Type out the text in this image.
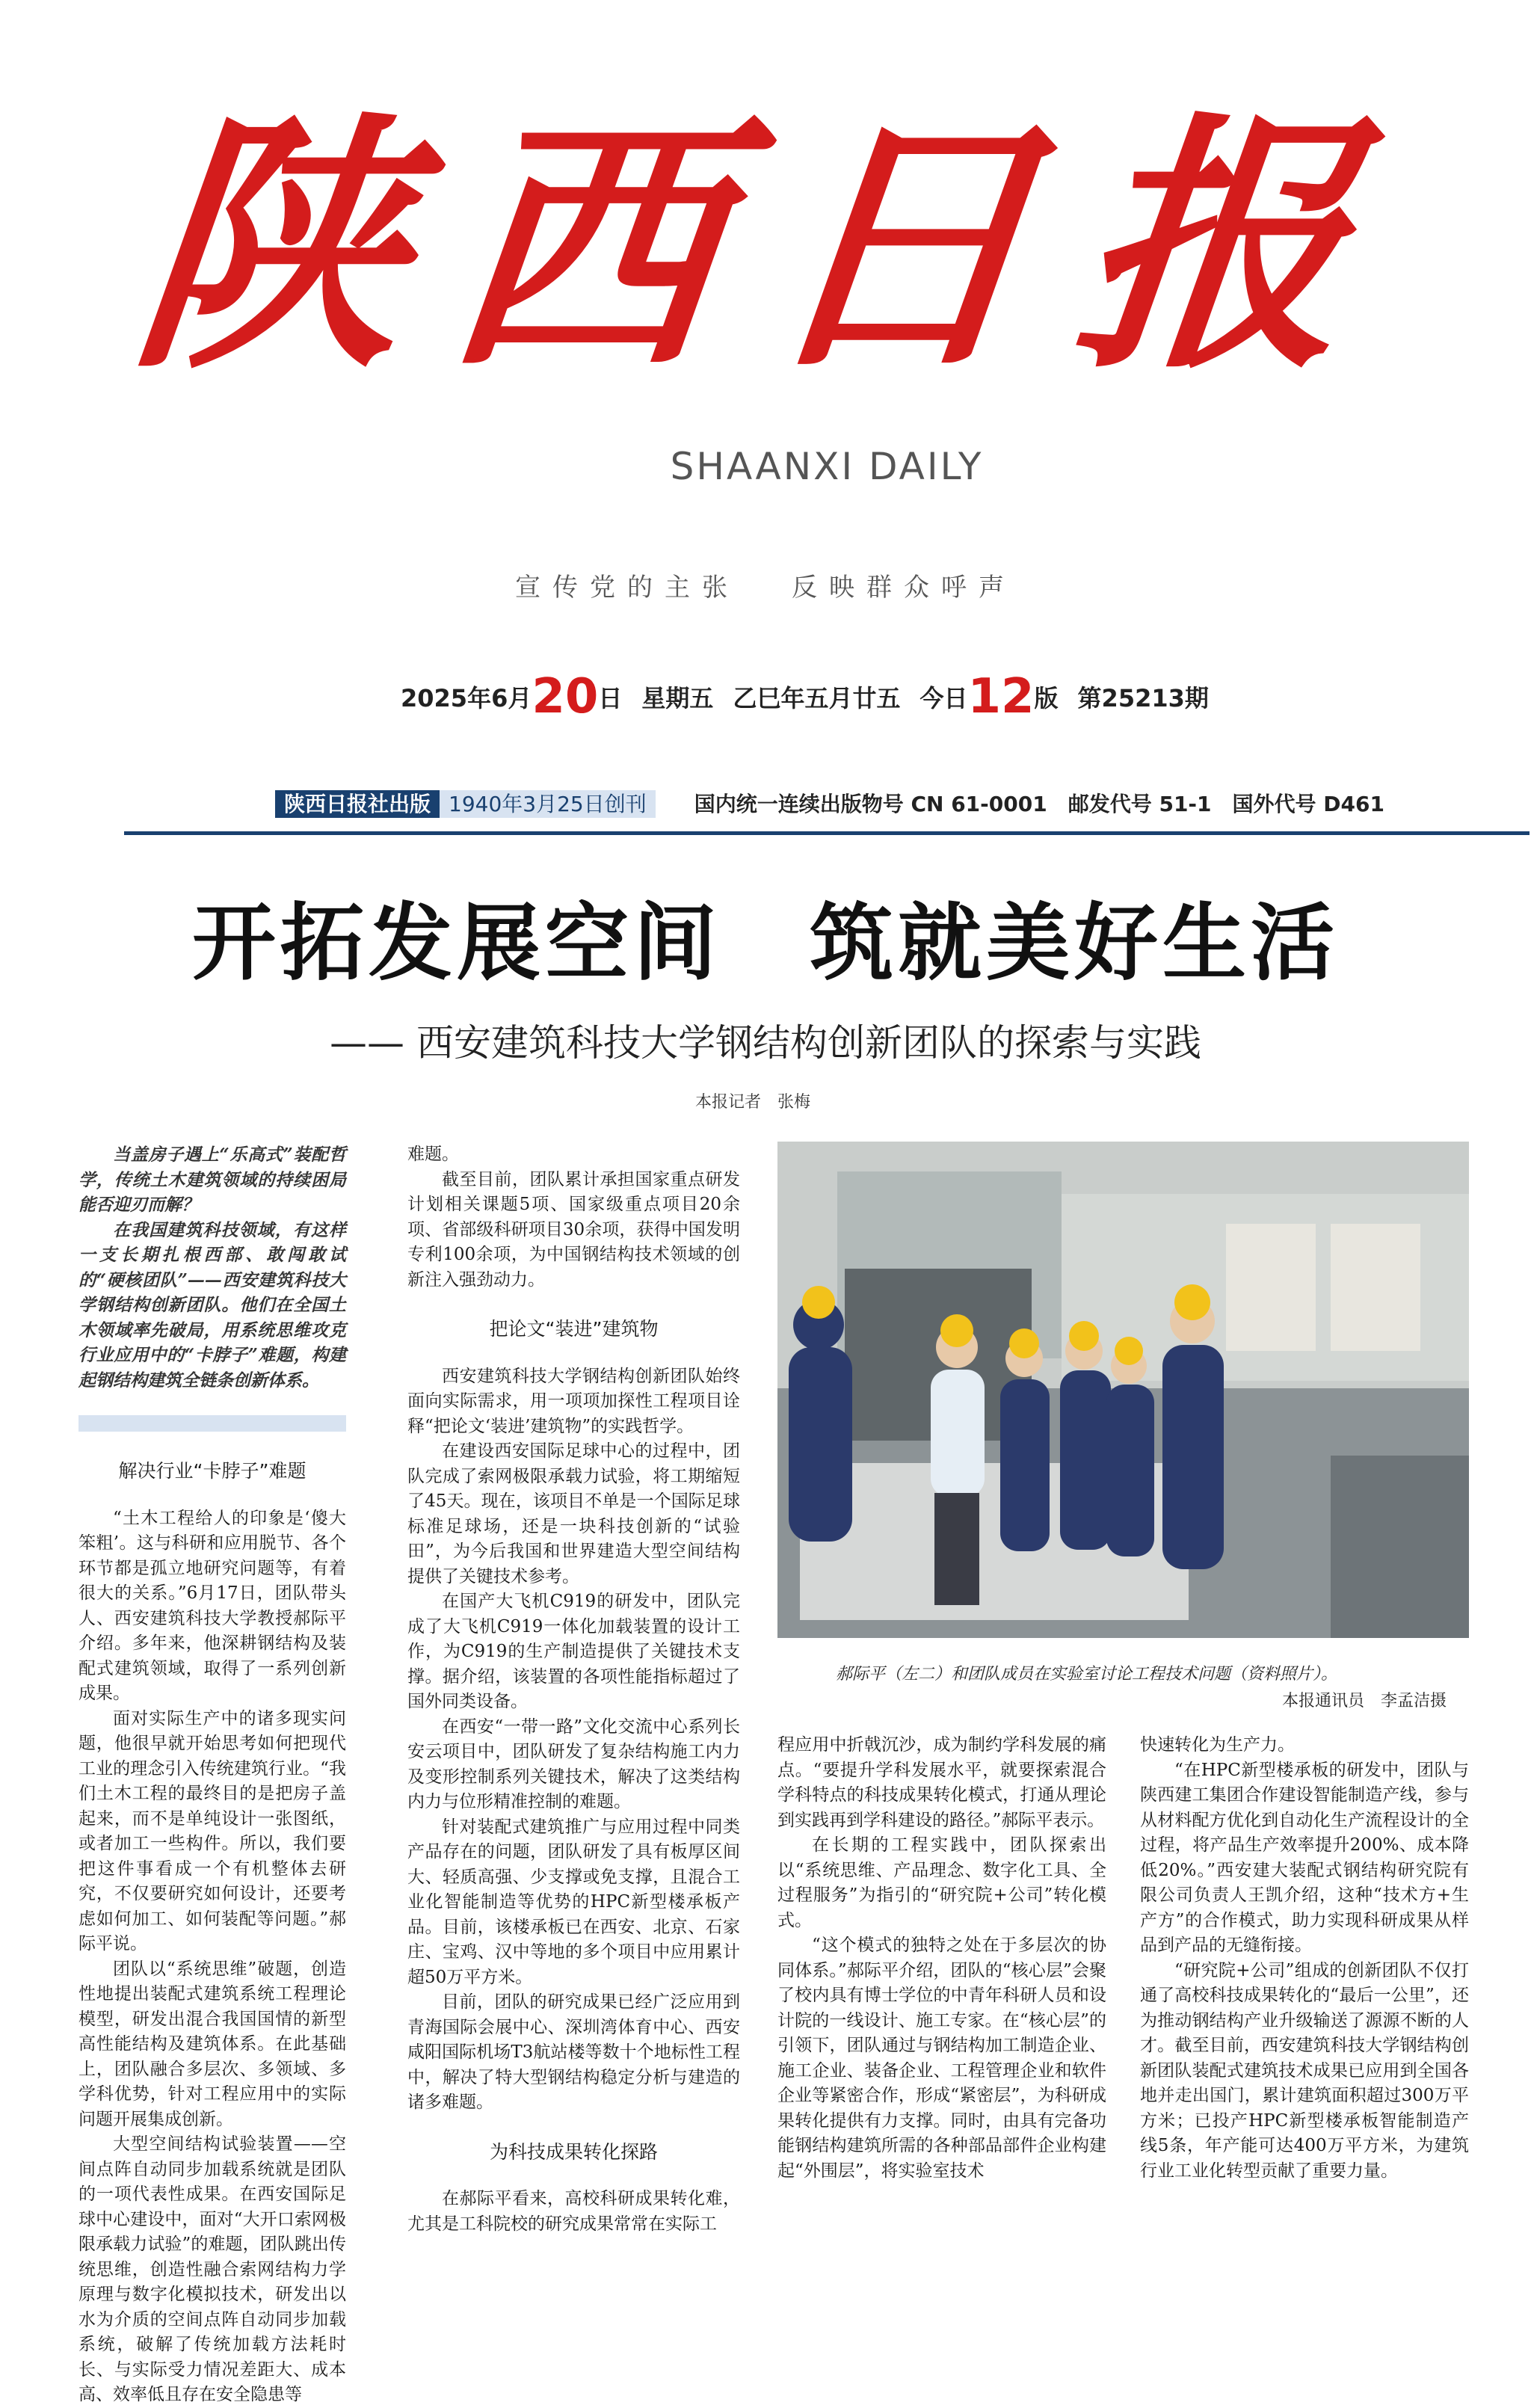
陕西日报
SHAANXI DAILY
宣传党的主张 反映群众呼声
2025年6月20日 星期五 乙巳年五月廿五 今日12版 第25213期
陕西日报社出版 1940年3月25日创刊 国内统一连续出版物号 CN 61-0001　邮发代号 51-1　国外代号 D461
开拓发展空间　筑就美好生活
—— 西安建筑科技大学钢结构创新团队的探索与实践
本报记者　张梅

当盖房子遇上“乐高式”装配哲学，传统土木建筑领域的持续困局能否迎刃而解？

在我国建筑科技领域，有这样一支长期扎根西部、敢闯敢试的“硬核团队”——西安建筑科技大学钢结构创新团队。他们在全国土木领域率先破局，用系统思维攻克行业应用中的“卡脖子”难题，构建起钢结构建筑全链条创新体系。

解决行业“卡脖子”难题

“土木工程给人的印象是‘傻大笨粗’。这与科研和应用脱节、各个环节都是孤立地研究问题等，有着很大的关系。”6月17日，团队带头人、西安建筑科技大学教授郝际平介绍。多年来，他深耕钢结构及装配式建筑领域，取得了一系列创新成果。

面对实际生产中的诸多现实问题，他很早就开始思考如何把现代工业的理念引入传统建筑行业。“我们土木工程的最终目的是把房子盖起来，而不是单纯设计一张图纸，或者加工一些构件。所以，我们要把这件事看成一个有机整体去研究，不仅要研究如何设计，还要考虑如何加工、如何装配等问题。”郝际平说。

团队以“系统思维”破题，创造性地提出装配式建筑系统工程理论模型，研发出混合我国国情的新型高性能结构及建筑体系。在此基础上，团队融合多层次、多领域、多学科优势，针对工程应用中的实际问题开展集成创新。

大型空间结构试验装置——空间点阵自动同步加载系统就是团队的一项代表性成果。在西安国际足球中心建设中，面对“大开口索网极限承载力试验”的难题，团队跳出传统思维，创造性融合索网结构力学原理与数字化模拟技术，研发出以水为介质的空间点阵自动同步加载系统，破解了传统加载方法耗时长、与实际受力情况差距大、成本高、效率低且存在安全隐患等

难题。

截至目前，团队累计承担国家重点研发计划相关课题5项、国家级重点项目20余项、省部级科研项目30余项，获得中国发明专利100余项，为中国钢结构技术领域的创新注入强劲动力。

把论文“装进”建筑物

西安建筑科技大学钢结构创新团队始终面向实际需求，用一项项加探性工程项目诠释“把论文‘装进’建筑物”的实践哲学。

在建设西安国际足球中心的过程中，团队完成了索网极限承载力试验，将工期缩短了45天。现在，该项目不单是一个国际足球标准足球场，还是一块科技创新的“试验田”，为今后我国和世界建造大型空间结构提供了关键技术参考。

在国产大飞机C919的研发中，团队完成了大飞机C919一体化加载装置的设计工作，为C919的生产制造提供了关键技术支撑。据介绍，该装置的各项性能指标超过了国外同类设备。

在西安“一带一路”文化交流中心系列长安云项目中，团队研发了复杂结构施工内力及变形控制系列关键技术，解决了这类结构内力与位形精准控制的难题。

针对装配式建筑推广与应用过程中同类产品存在的问题，团队研发了具有板厚区间大、轻质高强、少支撑或免支撑，且混合工业化智能制造等优势的HPC新型楼承板产品。目前，该楼承板已在西安、北京、石家庄、宝鸡、汉中等地的多个项目中应用累计超50万平方米。

目前，团队的研究成果已经广泛应用到青海国际会展中心、深圳湾体育中心、西安咸阳国际机场T3航站楼等数十个地标性工程中，解决了特大型钢结构稳定分析与建造的诸多难题。

为科技成果转化探路

在郝际平看来，高校科研成果转化难，尤其是工科院校的研究成果常常在实际工

郝际平（左二）和团队成员在实验室讨论工程技术问题（资料照片）。
本报通讯员　李孟洁摄

程应用中折戟沉沙，成为制约学科发展的痛点。“要提升学科发展水平，就要探索混合学科特点的科技成果转化模式，打通从理论到实践再到学科建设的路径。”郝际平表示。

在长期的工程实践中，团队探索出以“系统思维、产品理念、数字化工具、全过程服务”为指引的“研究院+公司”转化模式。

“这个模式的独特之处在于多层次的协同体系。”郝际平介绍，团队的“核心层”会聚了校内具有博士学位的中青年科研人员和设计院的一线设计、施工专家。在“核心层”的引领下，团队通过与钢结构加工制造企业、施工企业、装备企业、工程管理企业和软件企业等紧密合作，形成“紧密层”，为科研成果转化提供有力支撑。同时，由具有完备功能钢结构建筑所需的各种部品部件企业构建起“外围层”，将实验室技术

快速转化为生产力。

“在HPC新型楼承板的研发中，团队与陕西建工集团合作建设智能制造产线，参与从材料配方优化到自动化生产流程设计的全过程，将产品生产效率提升200%、成本降低20%。”西安建大装配式钢结构研究院有限公司负责人王凯介绍，这种“技术方+生产方”的合作模式，助力实现科研成果从样品到产品的无缝衔接。

“研究院+公司”组成的创新团队不仅打通了高校科技成果转化的“最后一公里”，还为推动钢结构产业升级输送了源源不断的人才。截至目前，西安建筑科技大学钢结构创新团队装配式建筑技术成果已应用到全国各地并走出国门，累计建筑面积超过300万平方米；已投产HPC新型楼承板智能制造产线5条，年产能可达400万平方米，为建筑行业工业化转型贡献了重要力量。
